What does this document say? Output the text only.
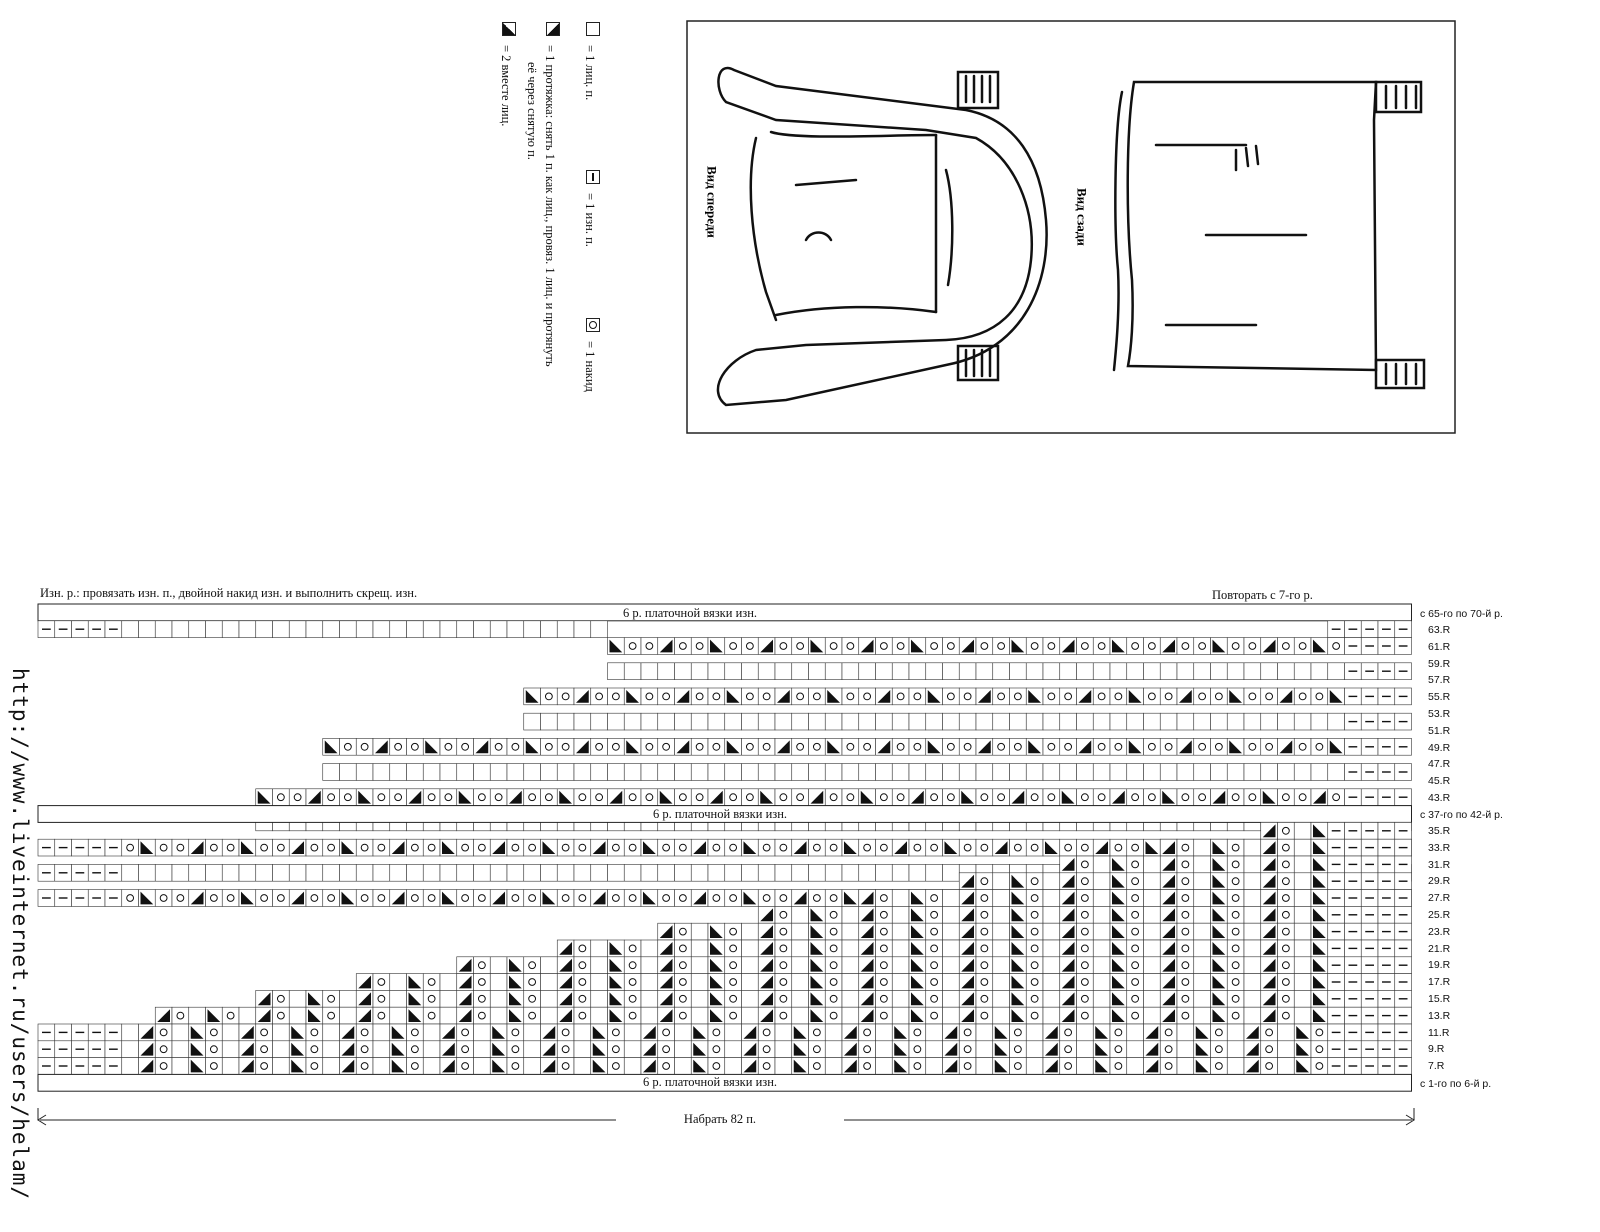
= 1 лиц. п.
= 1 изн. п.
= 1 накид
= 1 протяжка: снять 1 п. как лиц., провяз. 1 лиц. и протянуть
её через снятую п.
= 2 вместе лиц.
Вид спереди	Вид сзади
Изн. р.: провязать изн. п., двойной накид изн. и выполнить скрещ. изн.	Повторать с 7-го р.
6 р. платочной вязки изн.
6 р. платочной вязки изн.
6 р. платочной вязки изн.
с 65-го по 70-й р.
с 37-го по 42-й р.
с 1-го по 6-й р.
63.R
61.R
59.R
57.R
55.R
53.R
51.R
49.R
47.R
45.R
43.R
35.R
33.R
31.R
29.R
27.R
25.R
23.R
21.R
19.R
17.R
15.R
13.R
11.R
9.R
7.R
Набрать 82 п.
http://www.liveinternet.ru/users/helam/
